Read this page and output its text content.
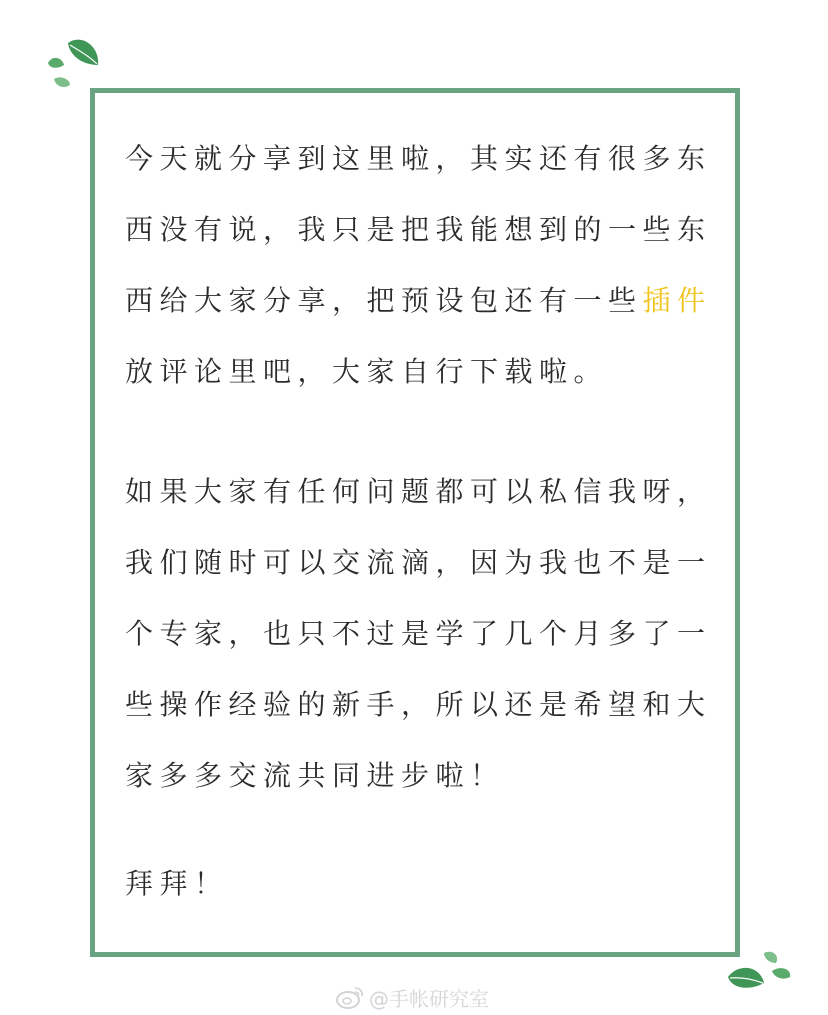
今天就分享到这里啦，其实还有很多东
西没有说，我只是把我能想到的一些东
西给大家分享，把预设包还有一些插件
放评论里吧，大家自行下载啦。
如果大家有任何问题都可以私信我呀，
我们随时可以交流滴，因为我也不是一
个专家，也只不过是学了几个月多了一
些操作经验的新手，所以还是希望和大
家多多交流共同进步啦！
拜拜！
@手帐研究室
